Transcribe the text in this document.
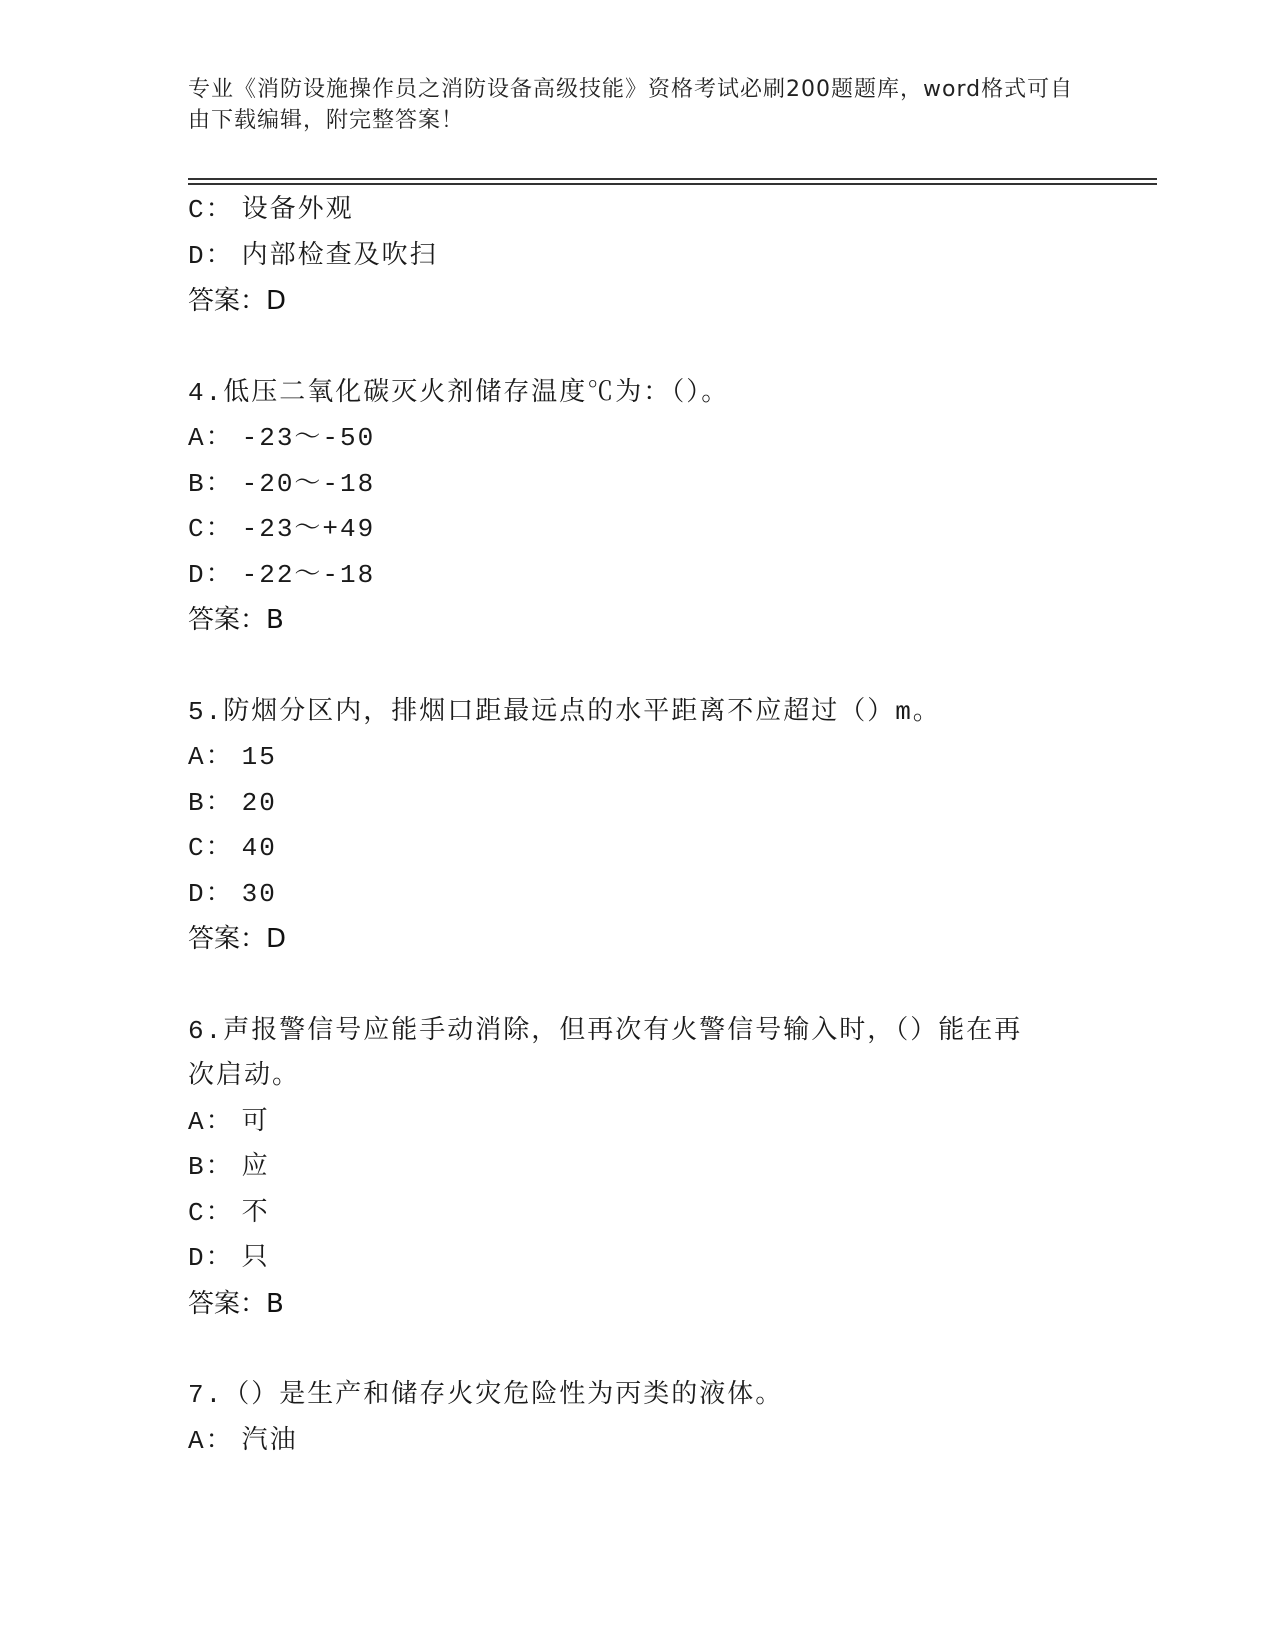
专业《消防设施操作员之消防设备高级技能》资格考试必刷200题题库，word格式可自由下载编辑，附完整答案！
C： 设备外观
D： 内部检查及吹扫
答案：D
4.低压二氧化碳灭火剂储存温度℃为：（）。
A： -23～-50
B： -20～-18
C： -23～+49
D： -22～-18
答案：B
5.防烟分区内，排烟口距最远点的水平距离不应超过（）m。
A： 15
B： 20
C： 40
D： 30
答案：D
6.声报警信号应能手动消除，但再次有火警信号输入时，（）能在再次启动。
A： 可
B： 应
C： 不
D： 只
答案：B
7.（）是生产和储存火灾危险性为丙类的液体。
A： 汽油
